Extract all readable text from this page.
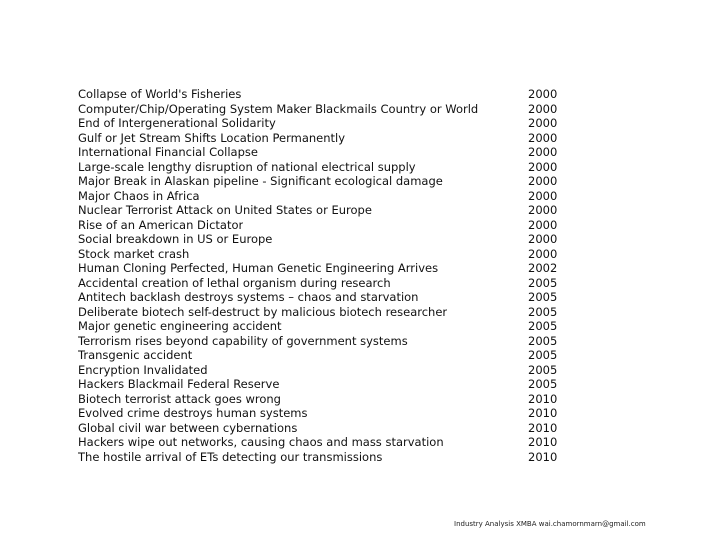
Collapse of World's Fisheries	2000
Computer/Chip/Operating System Maker Blackmails Country or World	2000
End of Intergenerational Solidarity	2000
Gulf or Jet Stream Shifts Location Permanently	2000
International Financial Collapse	2000
Large-scale lengthy disruption of national electrical supply	2000
Major Break in Alaskan pipeline - Significant ecological damage	2000
Major Chaos in Africa	2000
Nuclear Terrorist Attack on United States or Europe	2000
Rise of an American Dictator	2000
Social breakdown in US or Europe	2000
Stock market crash	2000
Human Cloning Perfected, Human Genetic Engineering Arrives	2002
Accidental creation of lethal organism during research	2005
Antitech backlash destroys systems – chaos and starvation	2005
Deliberate biotech self-destruct by malicious biotech researcher	2005
Major genetic engineering accident	2005
Terrorism rises beyond capability of government systems	2005
Transgenic accident	2005
Encryption Invalidated	2005
Hackers Blackmail Federal Reserve	2005
Biotech terrorist attack goes wrong	2010
Evolved crime destroys human systems	2010
Global civil war between cybernations	2010
Hackers wipe out networks, causing chaos and mass starvation	2010
The hostile arrival of ETs detecting our transmissions	2010
Industry Analysis XMBA wai.chamornmarn@gmail.com
